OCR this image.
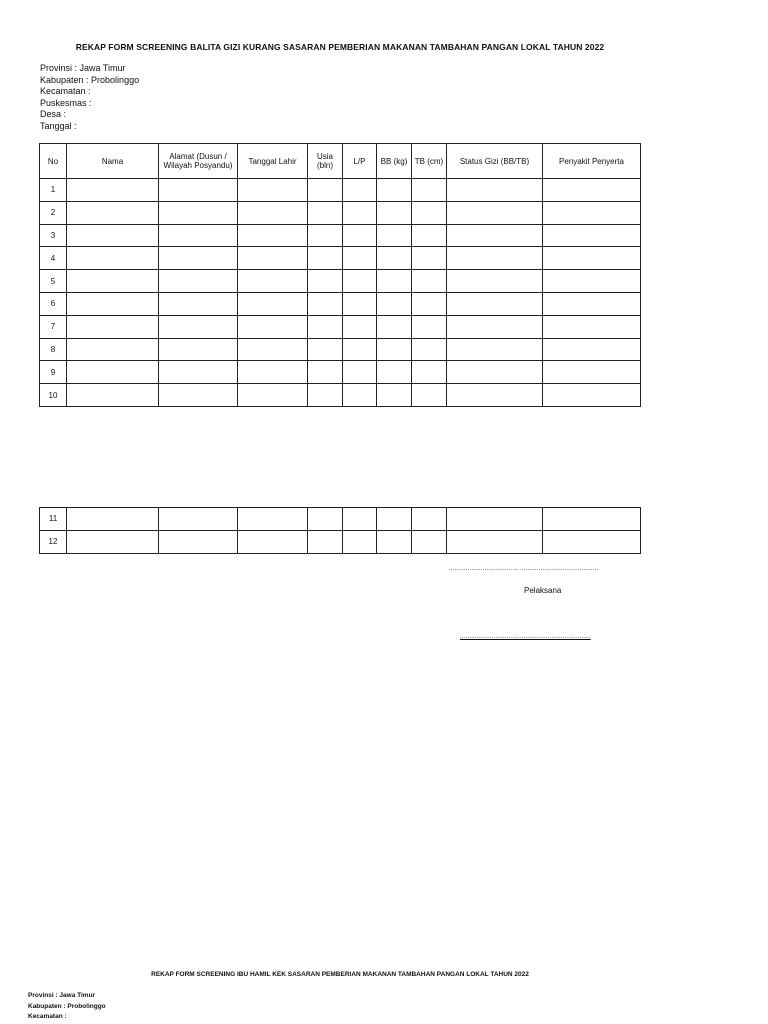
REKAP FORM SCREENING BALITA GIZI KURANG SASARAN PEMBERIAN MAKANAN TAMBAHAN PANGAN LOKAL TAHUN 2022
Provinsi : Jawa Timur
Kabupaten : Probolinggo
Kecamatan :
Puskesmas :
Desa :
Tanggal :
No	Nama	Alamat (Dusun / Wilayah Posyandu)	Tanggal Lahir	Usia (bln)	L/P	BB (kg)	TB (cm)	Status Gizi (BB/TB)	Penyakit Penyerta
1									
2									
3									
4									
5									
6									
7									
8									
9									
10									
11									
12									
...................................., ..........................................
Pelaksana
......................................................................
REKAP FORM SCREENING IBU HAMIL KEK SASARAN PEMBERIAN MAKANAN TAMBAHAN PANGAN LOKAL TAHUN 2022
Provinsi : Jawa Timur
Kabupaten : Probolinggo
Kecamatan :
